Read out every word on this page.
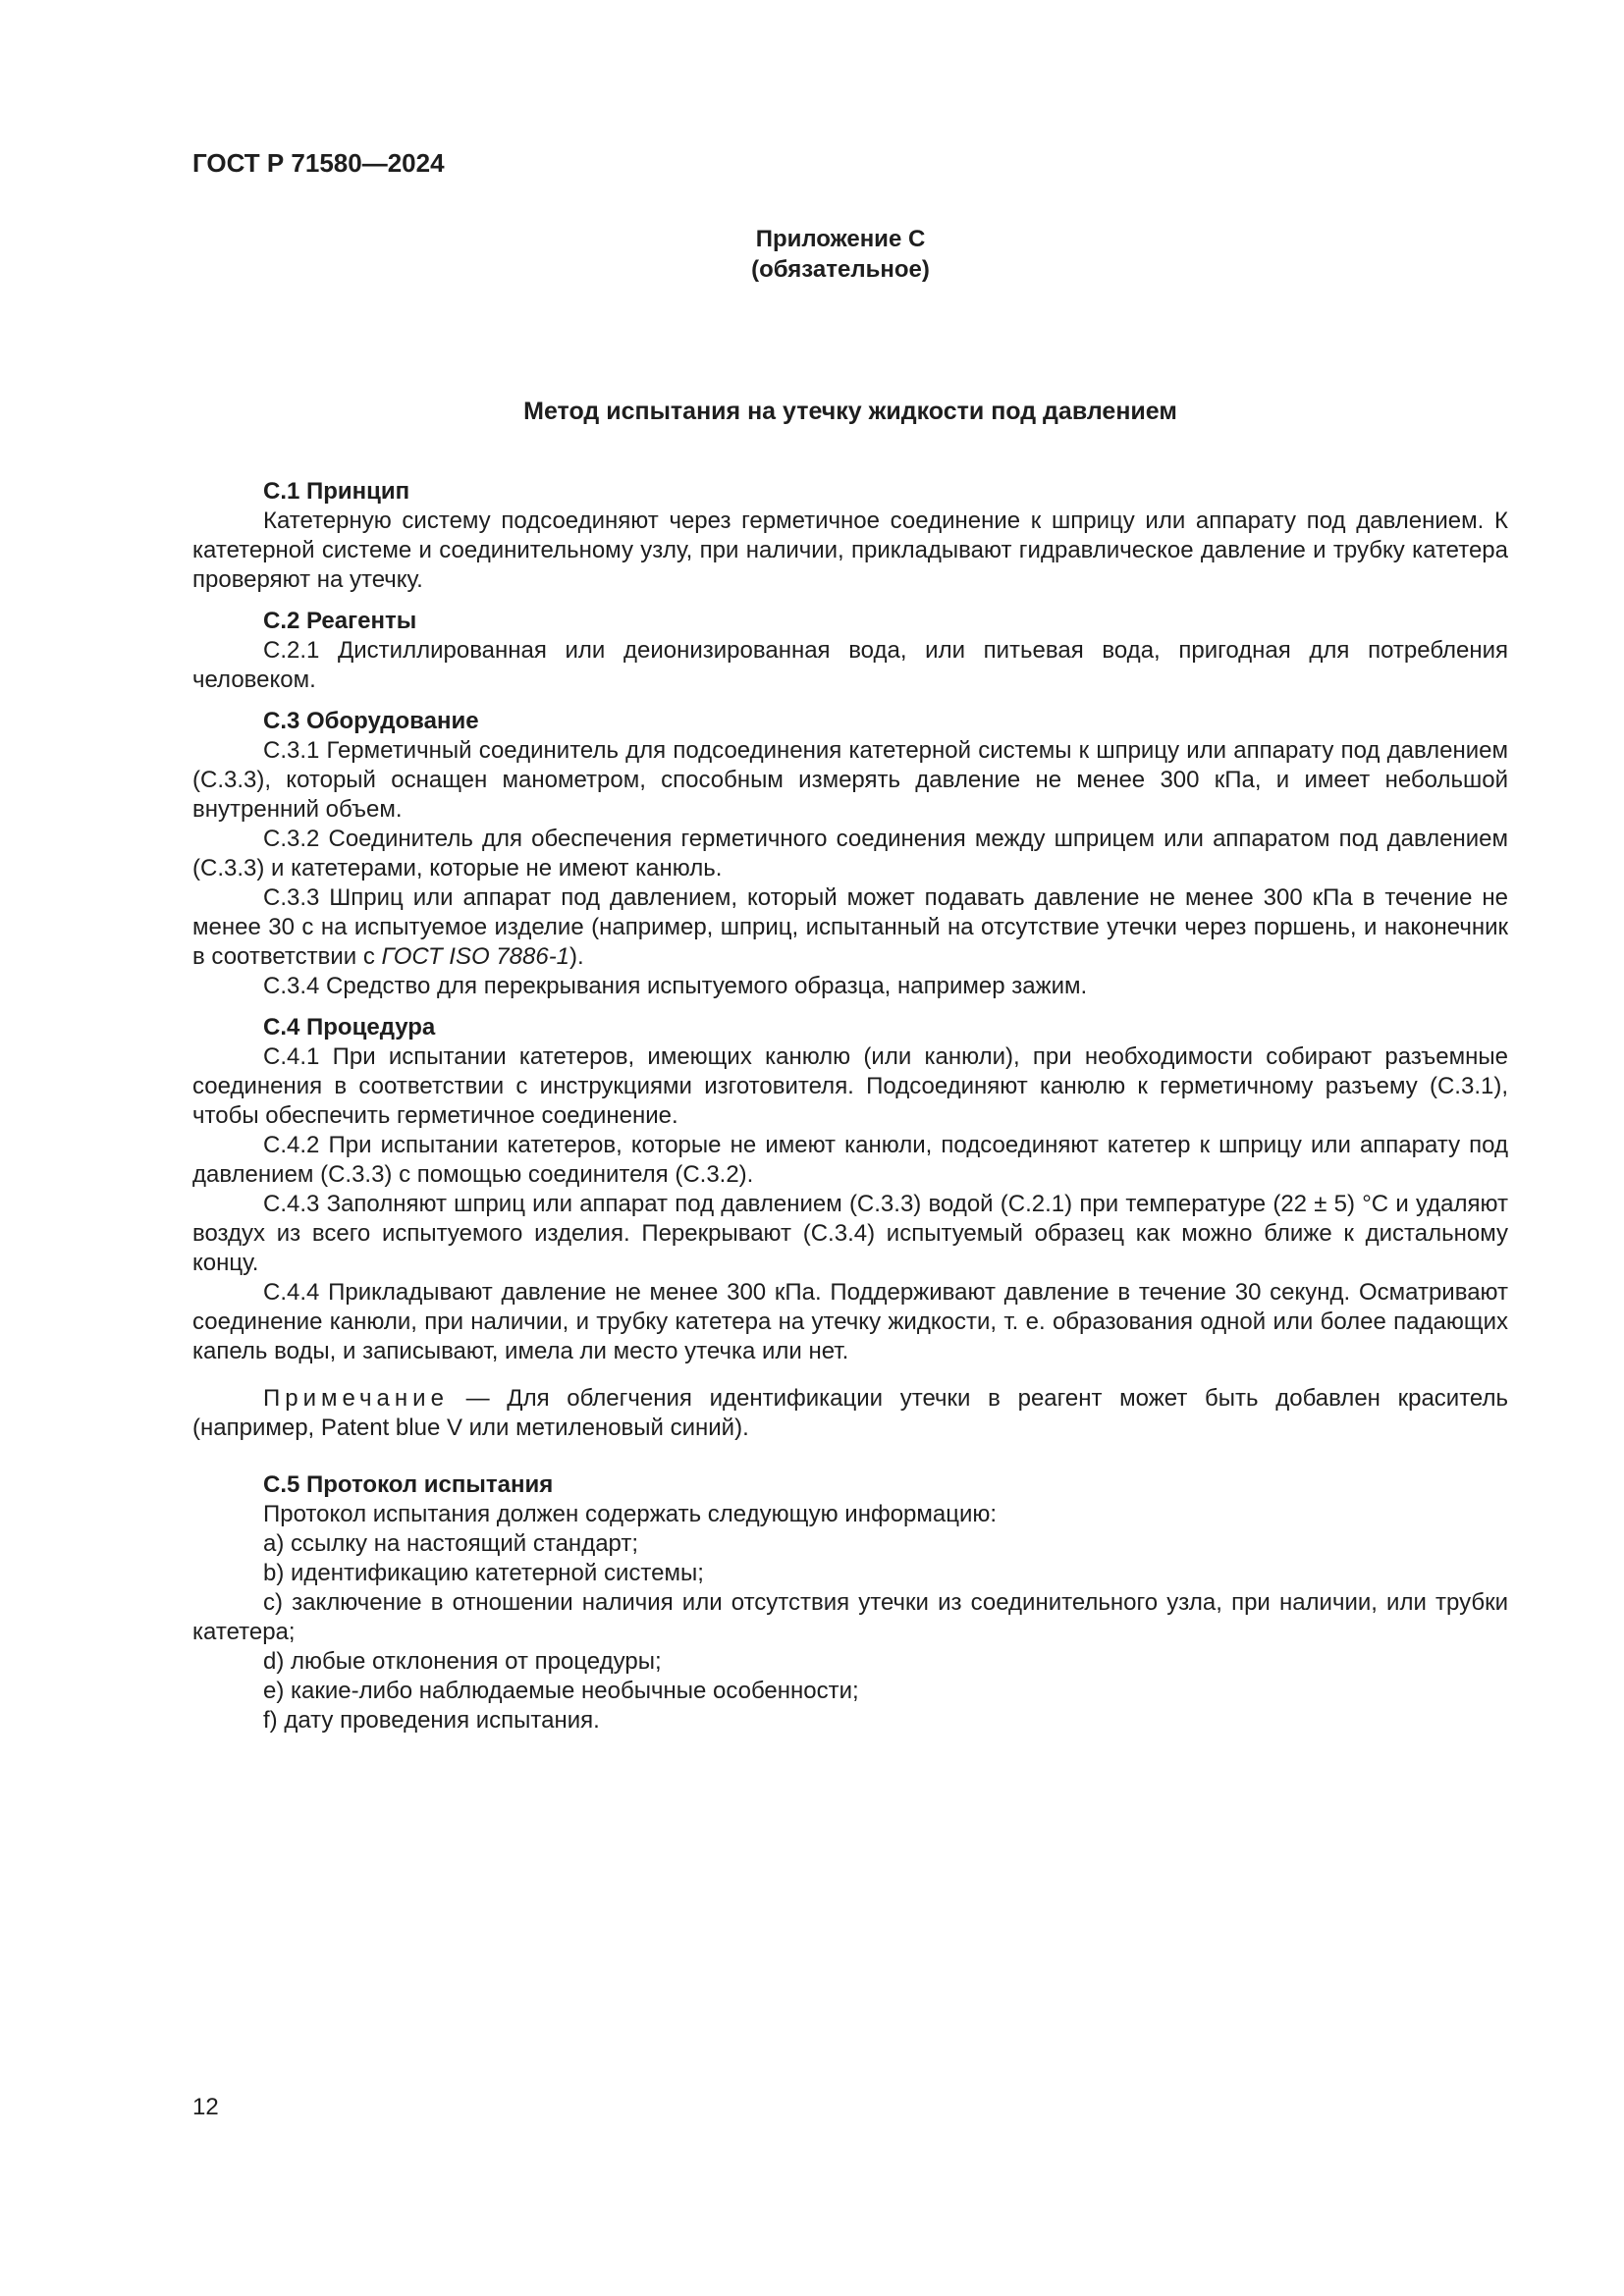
ГОСТ Р 71580—2024

Приложение С
(обязательное)

Метод испытания на утечку жидкости под давлением

С.1 Принцип

Катетерную систему подсоединяют через герметичное соединение к шприцу или аппарату под давлением. К катетерной системе и соединительному узлу, при наличии, прикладывают гидравлическое давление и трубку катетера проверяют на утечку.

С.2 Реагенты

С.2.1 Дистиллированная или деионизированная вода, или питьевая вода, пригодная для потребления человеком.

С.3 Оборудование

С.3.1 Герметичный соединитель для подсоединения катетерной системы к шприцу или аппарату под давлением (С.3.3), который оснащен манометром, способным измерять давление не менее 300 кПа, и имеет небольшой внутренний объем.

С.3.2 Соединитель для обеспечения герметичного соединения между шприцем или аппаратом под давлением (С.3.3) и катетерами, которые не имеют канюль.

С.3.3 Шприц или аппарат под давлением, который может подавать давление не менее 300 кПа в течение не менее 30 с на испытуемое изделие (например, шприц, испытанный на отсутствие утечки через поршень, и наконечник в соответствии с ГОСТ ISO 7886-1).

С.3.4 Средство для перекрывания испытуемого образца, например зажим.

С.4 Процедура

С.4.1 При испытании катетеров, имеющих канюлю (или канюли), при необходимости собирают разъемные соединения в соответствии с инструкциями изготовителя. Подсоединяют канюлю к герметичному разъему (С.3.1), чтобы обеспечить герметичное соединение.

С.4.2 При испытании катетеров, которые не имеют канюли, подсоединяют катетер к шприцу или аппарату под давлением (С.3.3) с помощью соединителя (С.3.2).

С.4.3 Заполняют шприц или аппарат под давлением (С.3.3) водой (С.2.1) при температуре (22 ± 5) °С и удаляют воздух из всего испытуемого изделия. Перекрывают (С.3.4) испытуемый образец как можно ближе к дистальному концу.

С.4.4 Прикладывают давление не менее 300 кПа. Поддерживают давление в течение 30 секунд. Осматривают соединение канюли, при наличии, и трубку катетера на утечку жидкости, т. е. образования одной или более падающих капель воды, и записывают, имела ли место утечка или нет.

Примечание — Для облегчения идентификации утечки в реагент может быть добавлен краситель (например, Patent blue V или метиленовый синий).

С.5 Протокол испытания

Протокол испытания должен содержать следующую информацию:

а) ссылку на настоящий стандарт;

b) идентификацию катетерной системы;

с) заключение в отношении наличия или отсутствия утечки из соединительного узла, при наличии, или трубки катетера;

d) любые отклонения от процедуры;

е) какие-либо наблюдаемые необычные особенности;

f) дату проведения испытания.

12
